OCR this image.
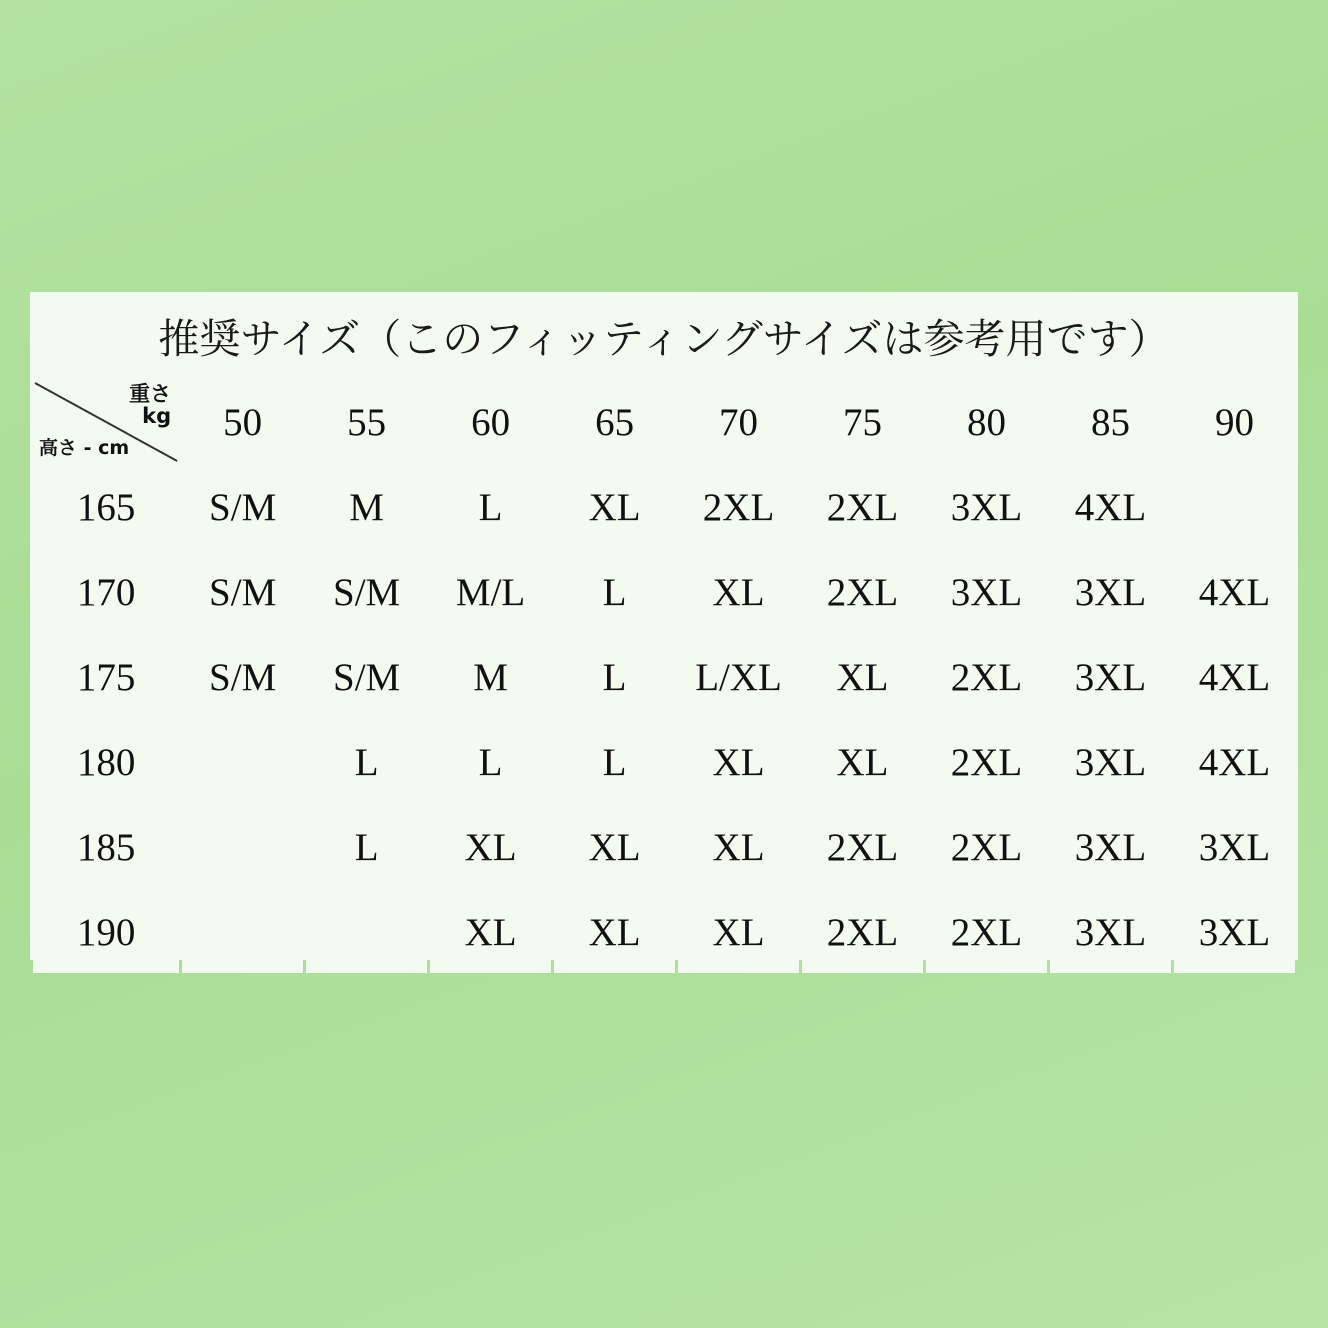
推奨サイズ（このフィッティングサイズは参考用です）
重さ
kg
高さ - cm	50	55	60	65	70	75	80	85	90
165	S/M	M	L	XL	2XL	2XL	3XL	4XL	
170	S/M	S/M	M/L	L	XL	2XL	3XL	3XL	4XL
175	S/M	S/M	M	L	L/XL	XL	2XL	3XL	4XL
180		L	L	L	XL	XL	2XL	3XL	4XL
185		L	XL	XL	XL	2XL	2XL	3XL	3XL
190			XL	XL	XL	2XL	2XL	3XL	3XL
